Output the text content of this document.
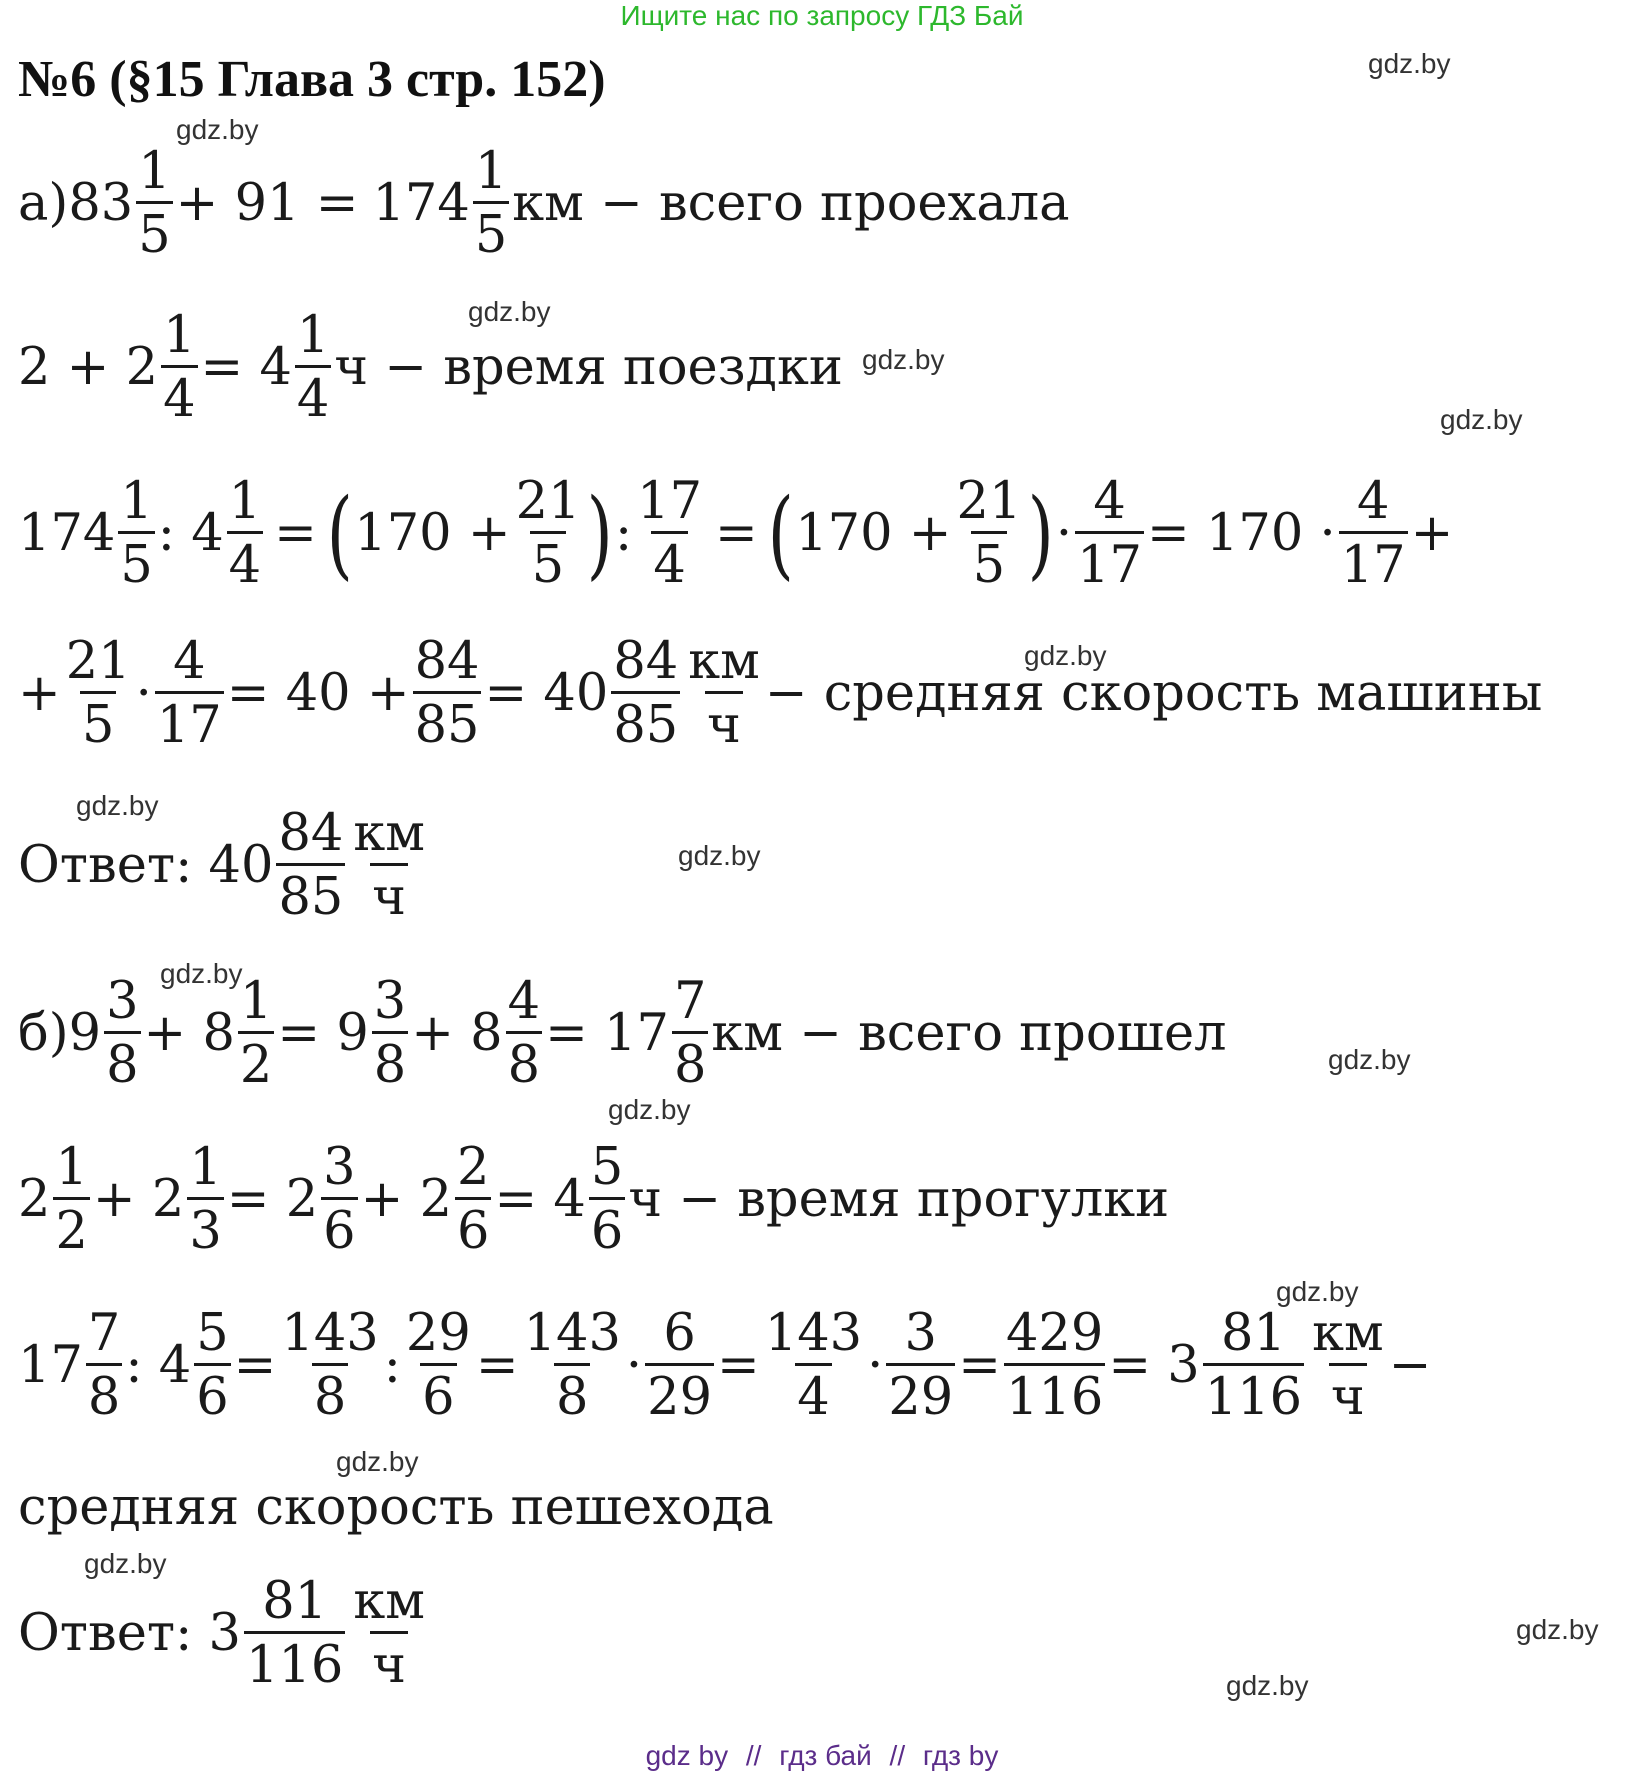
Ищите нас по запросу ГДЗ Бай
№6 (§15 Глава 3 стр. 152)	gdz.by
gdz.by
gdz.by
gdz.by
gdz.by
gdz.by
gdz.by
gdz.by
gdz.by
gdz.by
gdz.by
gdz.by
gdz.by
gdz.by
gdz.by
gdz.by
а) $83 \frac{1}{5} + 91 = 174 \frac{1}{5}$ км − всего проехала
$2 + 2 \frac{1}{4} = 4 \frac{1}{4}$ ч − время поездки
$174 \frac{1}{5}$ : $4 \frac{1}{4}$ = ( $170 + \frac{21}{5}$ ) : $\frac{17}{4}$ = ( $170 + \frac{21}{5}$ ) · $\frac{4}{17} = 170 \cdot \frac{4}{17}$ +
+ $\frac{21}{5} \cdot \frac{4}{17} = 40 + \frac{84}{85} = 40 \frac{84}{85} \frac{км}{ч}$ − средняя скорость машины
Ответ: $40 \frac{84}{85} \frac{км}{ч}$
б) $9 \frac{3}{8} + 8 \frac{1}{2} = 9 \frac{3}{8} + 8 \frac{4}{8} = 17 \frac{7}{8}$ км − всего прошел
$2 \frac{1}{2} + 2 \frac{1}{3} = 2 \frac{3}{6} + 2 \frac{2}{6} = 4 \frac{5}{6}$ ч − время прогулки
$17 \frac{7}{8}$ : $4 \frac{5}{6} = \frac{143}{8}$ : $\frac{29}{6} = \frac{143}{8} \cdot \frac{6}{29} = \frac{143}{4} \cdot \frac{3}{29} = \frac{429}{116} = 3 \frac{81}{116} \frac{км}{ч}$ −
средняя скорость пешехода
Ответ: $3 \frac{81}{116} \frac{км}{ч}$
gdz by // гдз бай // гдз by
